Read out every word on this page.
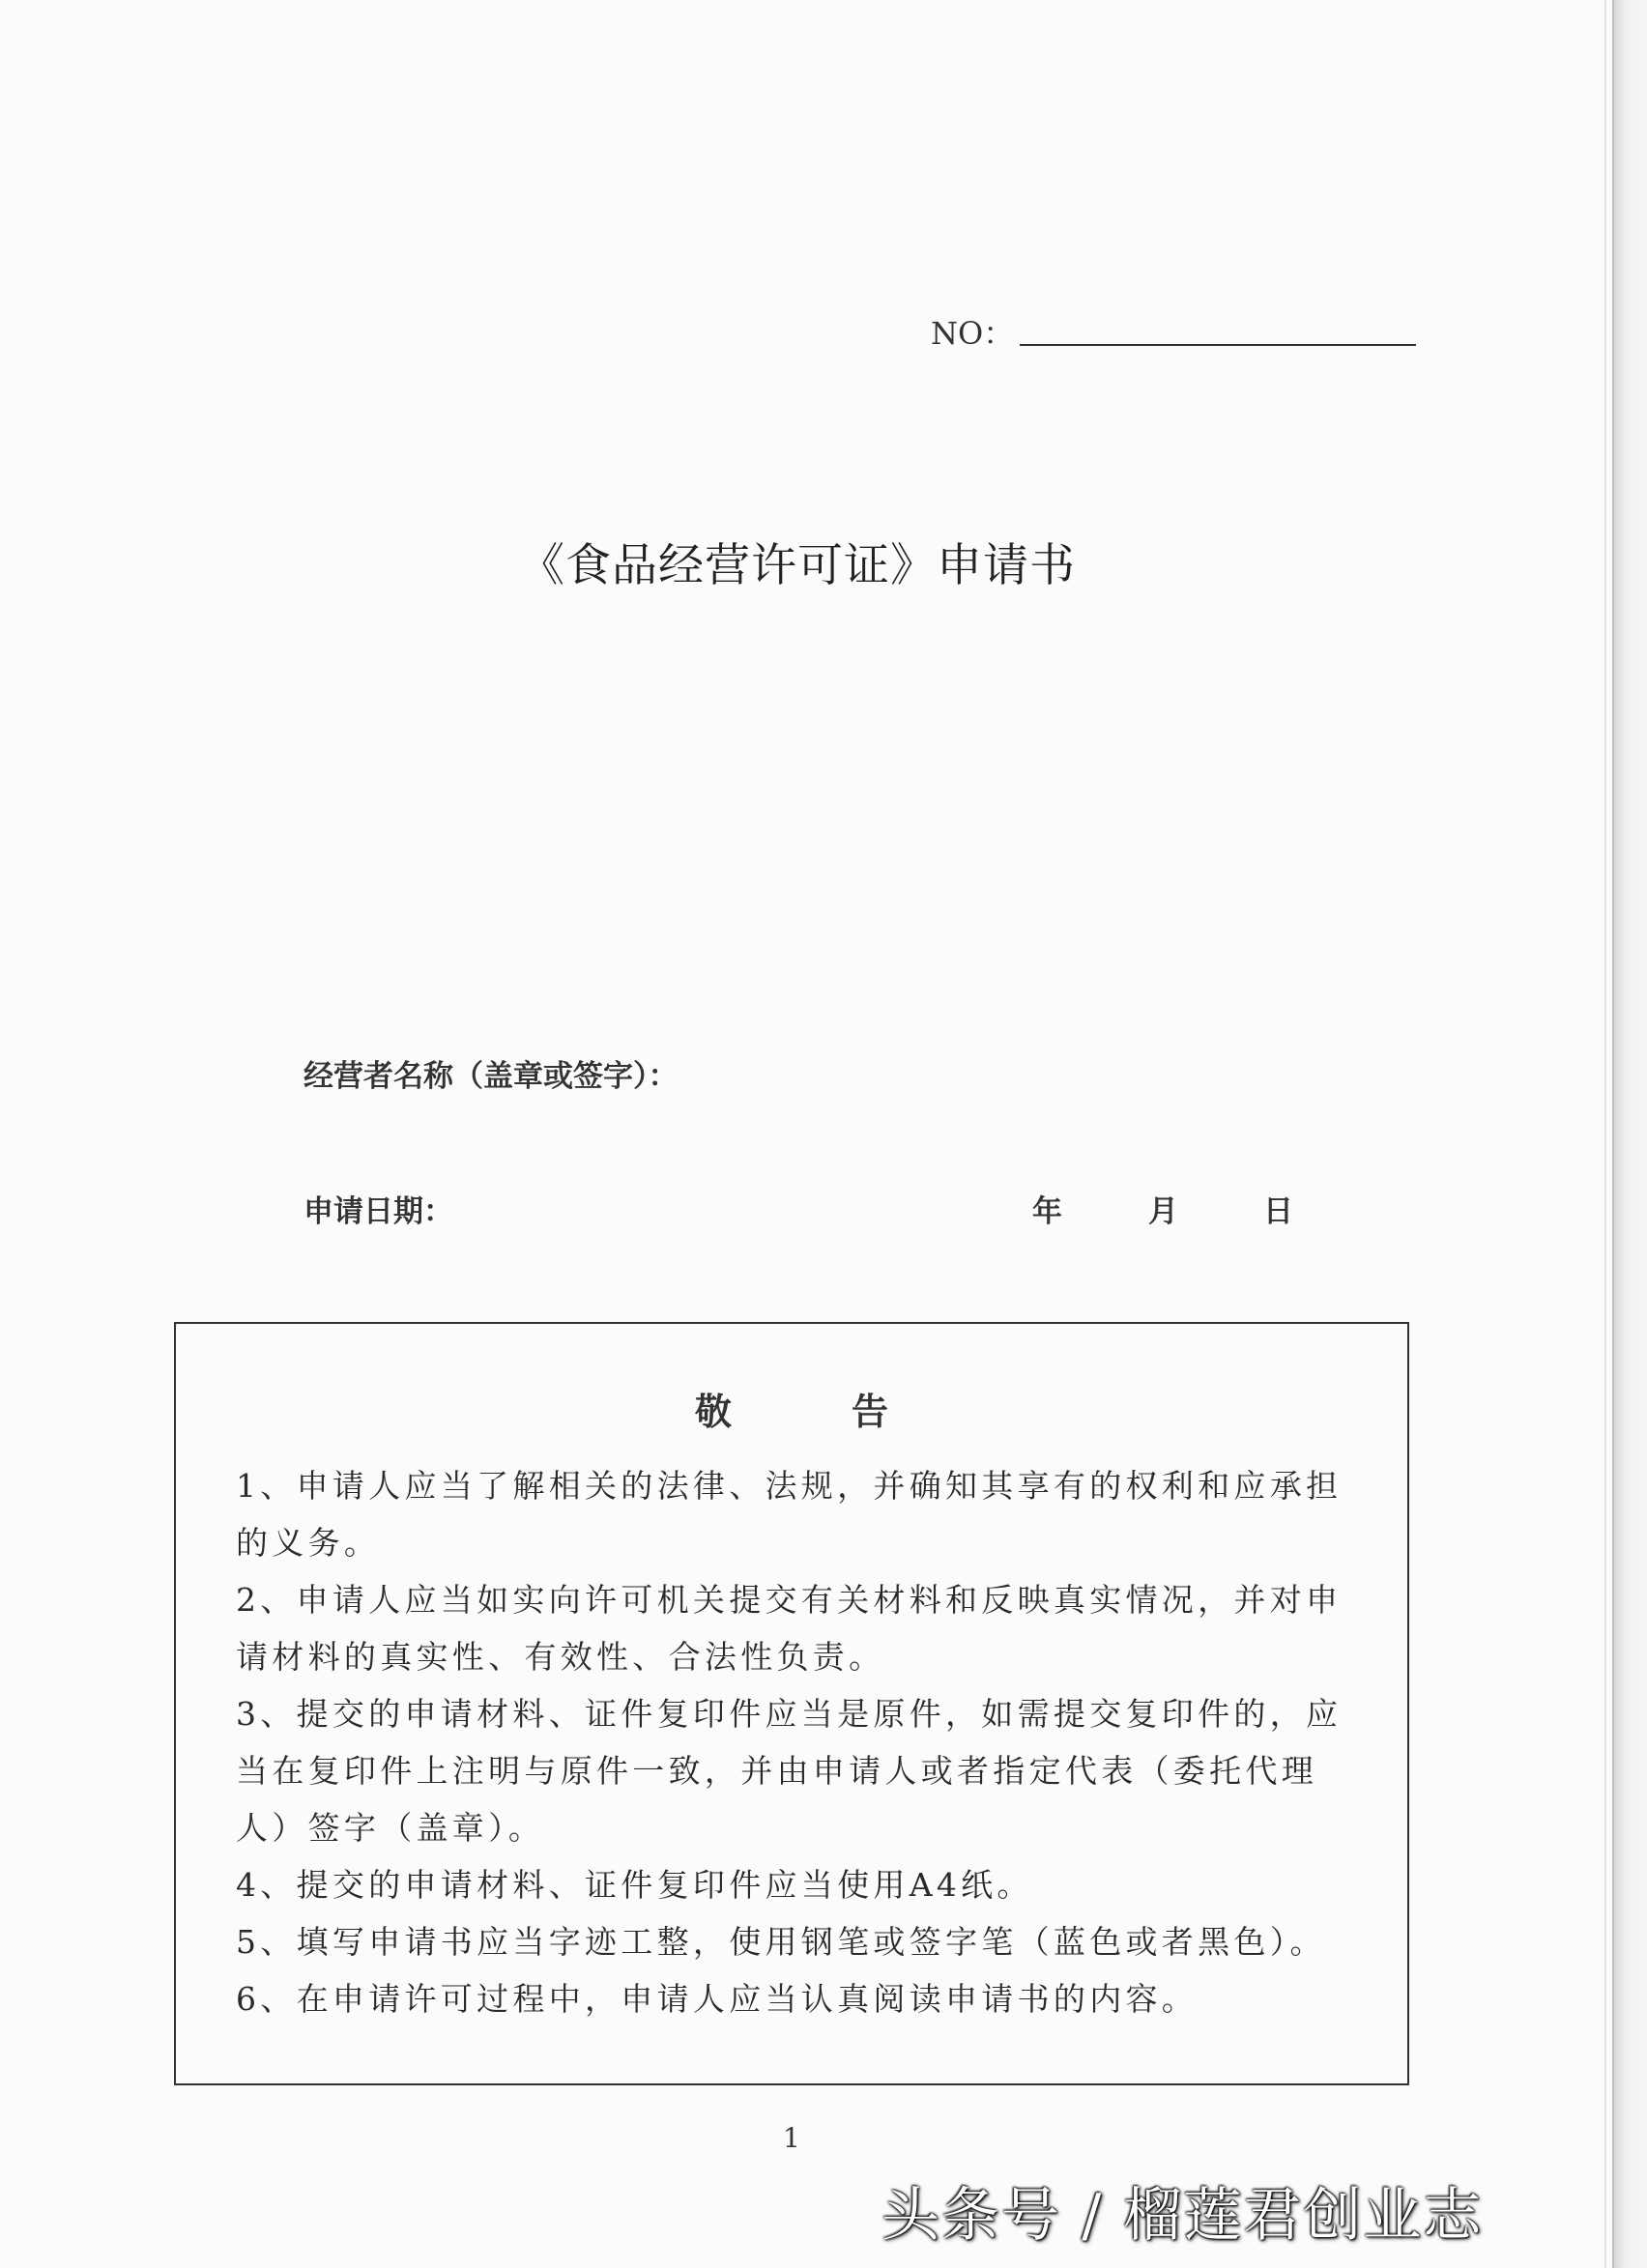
NO：
《食品经营许可证》申请书
经营者名称（盖章或签字）：
申请日期：	年	月	日
敬	告

1、申请人应当了解相关的法律、法规，并确知其享有的权利和应承担的义务。

2、申请人应当如实向许可机关提交有关材料和反映真实情况，并对申请材料的真实性、有效性、合法性负责。

3、提交的申请材料、证件复印件应当是原件，如需提交复印件的，应当在复印件上注明与原件一致，并由申请人或者指定代表（委托代理人）签字（盖章）。

4、提交的申请材料、证件复印件应当使用A4纸。

5、填写申请书应当字迹工整，使用钢笔或签字笔（蓝色或者黑色）。

6、在申请许可过程中，申请人应当认真阅读申请书的内容。

1
头条号 / 榴莲君创业志
